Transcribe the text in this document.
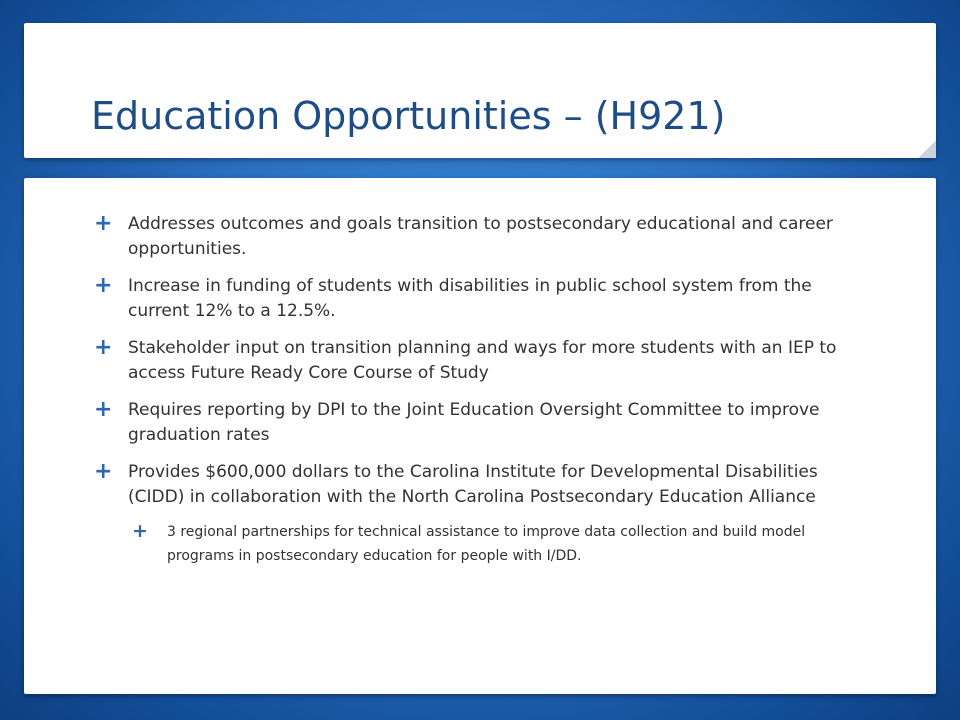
Education Opportunities – (H921)
+ Addresses outcomes and goals transition to postsecondary educational and career opportunities.
+ Increase in funding of students with disabilities in public school system from the current 12% to a 12.5%.
+ Stakeholder input on transition planning and ways for more students with an IEP to access Future Ready Core Course of Study
+ Requires reporting by DPI to the Joint Education Oversight Committee to improve graduation rates
+ Provides $600,000 dollars to the Carolina Institute for Developmental Disabilities (CIDD) in collaboration with the North Carolina Postsecondary Education Alliance
+ 3 regional partnerships for technical assistance to improve data collection and build model programs in postsecondary education for people with I/DD.
